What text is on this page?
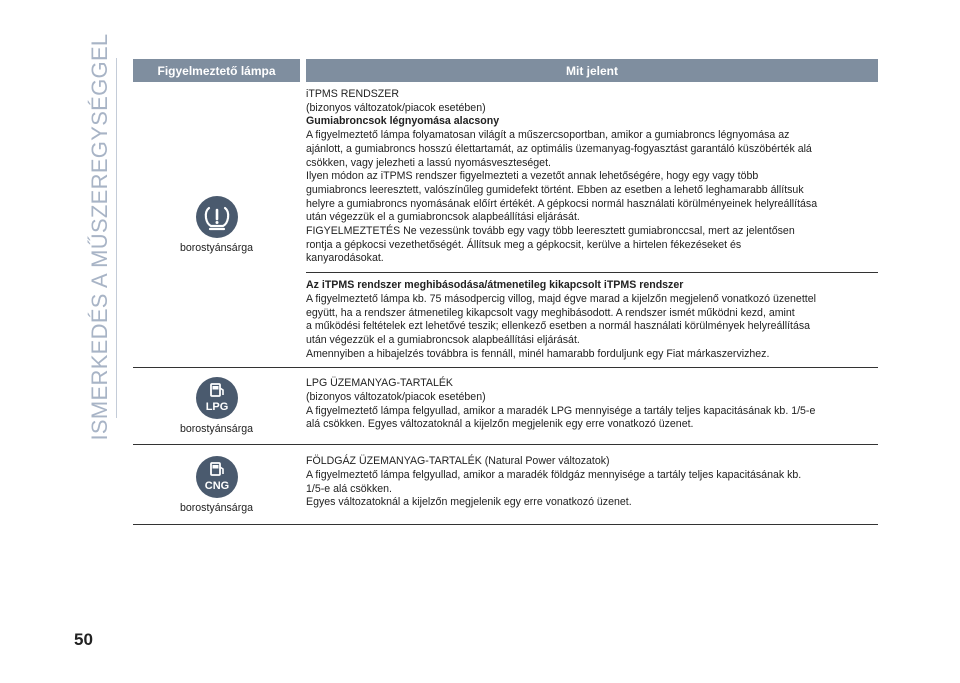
ISMERKEDÉS A MŰSZEREGYSÉGGEL
50
Figyelmeztető lámpa	Mit jelent
borostyánsárga
iTPMS RENDSZER
(bizonyos változatok/piacok esetében)
Gumiabroncsok légnyomása alacsony
A figyelmeztető lámpa folyamatosan világít a műszercsoportban, amikor a gumiabroncs légnyomása az
ajánlott, a gumiabroncs hosszú élettartamát, az optimális üzemanyag-fogyasztást garantáló küszöbérték alá
csökken, vagy jelezheti a lassú nyomásveszteséget.
Ilyen módon az iTPMS rendszer figyelmezteti a vezetőt annak lehetőségére, hogy egy vagy több
gumiabroncs leeresztett, valószínűleg gumidefekt történt. Ebben az esetben a lehető leghamarabb állítsuk
helyre a gumiabroncs nyomásának előírt értékét. A gépkocsi normál használati körülményeinek helyreállítása
után végezzük el a gumiabroncsok alapbeállítási eljárását.
FIGYELMEZTETÉS Ne vezessünk tovább egy vagy több leeresztett gumiabronccsal, mert az jelentősen
rontja a gépkocsi vezethetőségét. Állítsuk meg a gépkocsit, kerülve a hirtelen fékezéseket és
kanyarodásokat.
Az iTPMS rendszer meghibásodása/átmenetileg kikapcsolt iTPMS rendszer
A figyelmeztető lámpa kb. 75 másodpercig villog, majd égve marad a kijelzőn megjelenő vonatkozó üzenettel
együtt, ha a rendszer átmenetileg kikapcsolt vagy meghibásodott. A rendszer ismét működni kezd, amint
a működési feltételek ezt lehetővé teszik; ellenkező esetben a normál használati körülmények helyreállítása
után végezzük el a gumiabroncsok alapbeállítási eljárását.
Amennyiben a hibajelzés továbbra is fennáll, minél hamarabb forduljunk egy Fiat márkaszervizhez.
LPG
borostyánsárga
LPG ÜZEMANYAG-TARTALÉK
(bizonyos változatok/piacok esetében)
A figyelmeztető lámpa felgyullad, amikor a maradék LPG mennyisége a tartály teljes kapacitásának kb. 1/5-e
alá csökken. Egyes változatoknál a kijelzőn megjelenik egy erre vonatkozó üzenet.
CNG
borostyánsárga
FÖLDGÁZ ÜZEMANYAG-TARTALÉK (Natural Power változatok)
A figyelmeztető lámpa felgyullad, amikor a maradék földgáz mennyisége a tartály teljes kapacitásának kb.
1/5-e alá csökken.
Egyes változatoknál a kijelzőn megjelenik egy erre vonatkozó üzenet.
